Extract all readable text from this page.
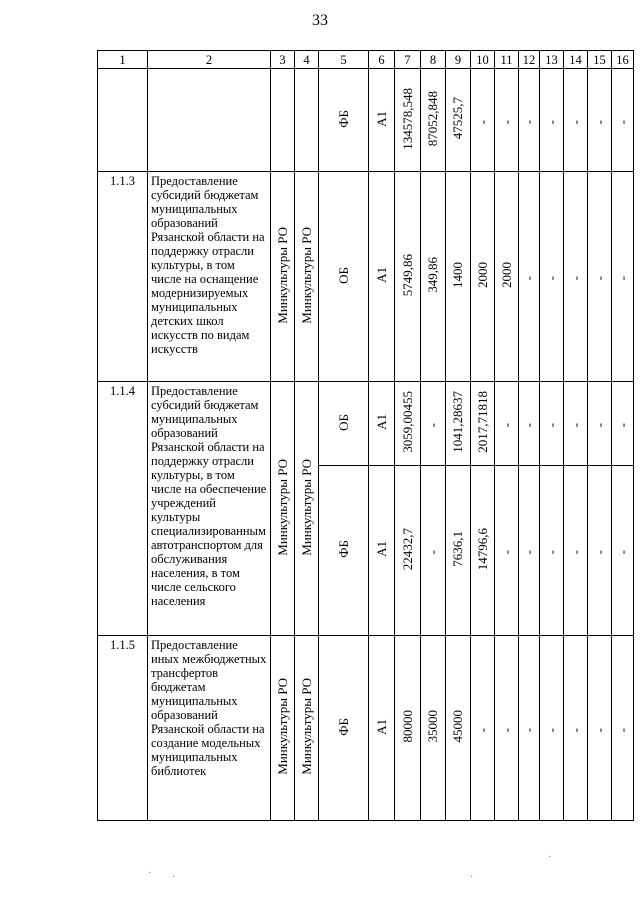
33
1	2	3	4	5	6	7	8	9	10	11	12	13	14	15	16
				ФБ	А1	134578,548	87052,848	47525,7	-	-	-	-	-	-	-
1.1.3	Предоставление субсидий бюджетам муниципальных образований Рязанской области на поддержку отрасли культуры, в том числе на оснащение модернизируемых муниципальных детских школ искусств по видам искусств	Минкультуры РО	Минкультуры РО	ОБ	А1	5749,86	349,86	1400	2000	2000	-	-	-	-	-
1.1.4	Предоставление субсидий бюджетам муниципальных образований Рязанской области на поддержку отрасли культуры, в том числе на обеспечение учреждений культуры специализированным автотранспортом для обслуживания населения, в том числе сельского населения	Минкультуры РО	Минкультуры РО	ОБ	А1	3059,00455	-	1041,28637	2017,71818	-	-	-	-	-	-
				ФБ	А1	22432,7	-	7636,1	14796,6	-	-	-	-	-	-
1.1.5	Предоставление иных межбюджетных трансфертов бюджетам муниципальных образований Рязанской области на создание модельных муниципальных библиотек	Минкультуры РО	Минкультуры РО	ФБ	А1	80000	35000	45000	-	-	-	-	-	-	-
· ·	·
·
